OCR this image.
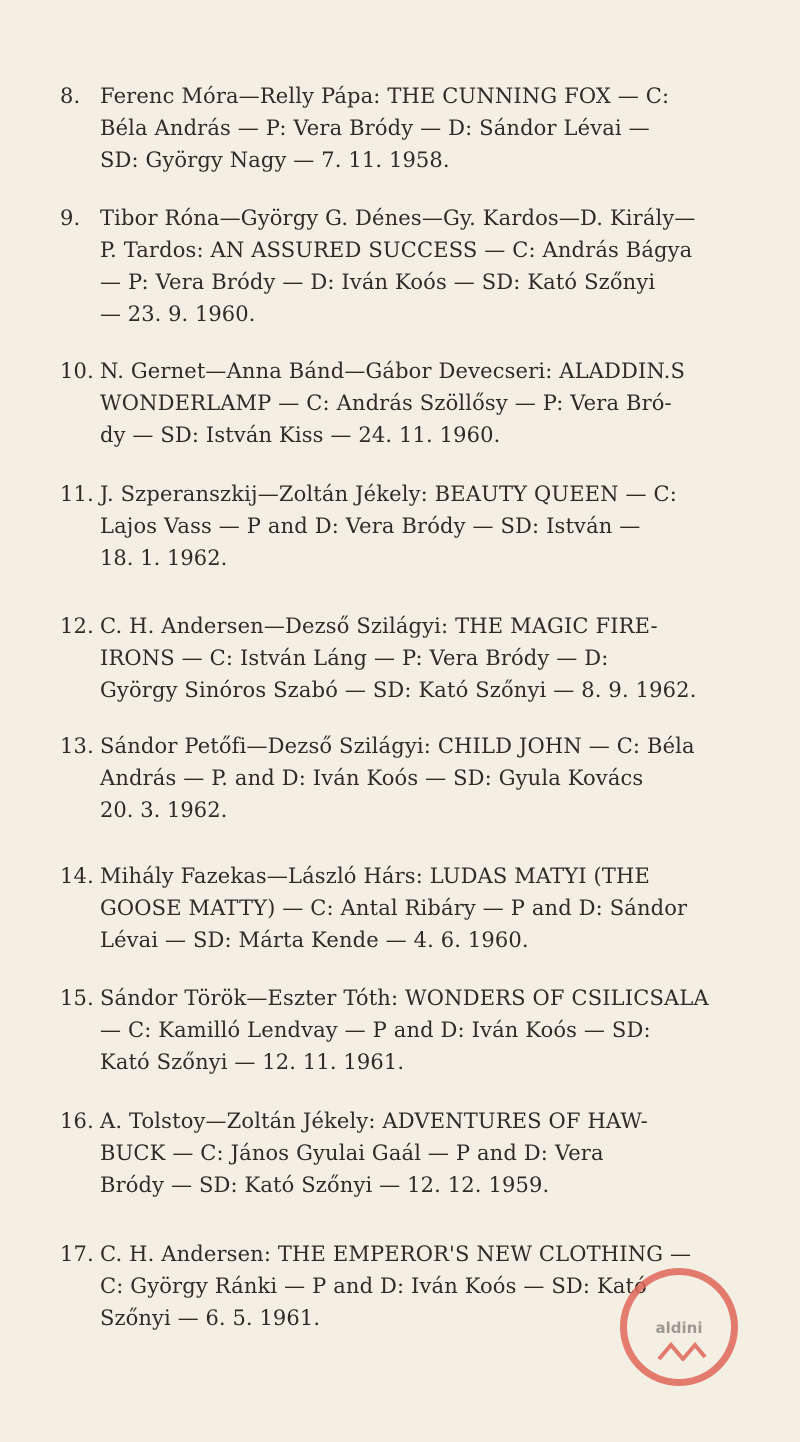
8. Ferenc Móra—Relly Pápa: THE CUNNING FOX — C:
Béla András — P: Vera Bródy — D: Sándor Lévai —
SD: György Nagy — 7. 11. 1958.
9. Tibor Róna—György G. Dénes—Gy. Kardos—D. Király—
P. Tardos: AN ASSURED SUCCESS — C: András Bágya
— P: Vera Bródy — D: Iván Koós — SD: Kató Szőnyi
— 23. 9. 1960.
10. N. Gernet—Anna Bánd—Gábor Devecseri: ALADDIN.S
WONDERLAMP — C: András Szöllősy — P: Vera Bró-
dy — SD: István Kiss — 24. 11. 1960.
11. J. Szperanszkij—Zoltán Jékely: BEAUTY QUEEN — C:
Lajos Vass — P and D: Vera Bródy — SD: István —
18. 1. 1962.
12. C. H. Andersen—Dezső Szilágyi: THE MAGIC FIRE-
IRONS — C: István Láng — P: Vera Bródy — D:
György Sinóros Szabó — SD: Kató Szőnyi — 8. 9. 1962.
13. Sándor Petőfi—Dezső Szilágyi: CHILD JOHN — C: Béla
András — P. and D: Iván Koós — SD: Gyula Kovács
20. 3. 1962.
14. Mihály Fazekas—László Hárs: LUDAS MATYI (THE
GOOSE MATTY) — C: Antal Ribáry — P and D: Sándor
Lévai — SD: Márta Kende — 4. 6. 1960.
15. Sándor Török—Eszter Tóth: WONDERS OF CSILICSALA
— C: Kamilló Lendvay — P and D: Iván Koós — SD:
Kató Szőnyi — 12. 11. 1961.
16. A. Tolstoy—Zoltán Jékely: ADVENTURES OF HAW-
BUCK — C: János Gyulai Gaál — P and D: Vera
Bródy — SD: Kató Szőnyi — 12. 12. 1959.
17. C. H. Andersen: THE EMPEROR'S NEW CLOTHING —
C: György Ránki — P and D: Iván Koós — SD: Kató
Szőnyi — 6. 5. 1961.	aldini
